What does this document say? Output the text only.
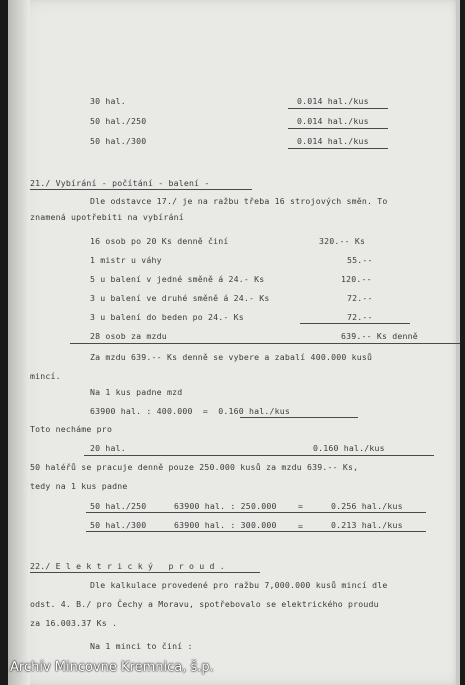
30 hal.	0.014 hal./kus
50 hal./250	0.014 hal./kus
50 hal./300	0.014 hal./kus
21./ Vybírání - počítání - balení -
Dle odstavce 17./ je na ražbu třeba 16 strojových směn. To
znamená upotřebiti na vybírání
16 osob po 20 Ks denně činí	320.-- Ks
1 mistr u váhy	55.--
5 u balení v jedné směně á 24.- Ks	120.--
3 u balení ve druhé směně á 24.- Ks	72.--
3 u balení do beden po 24.- Ks	72.--
28 osob za mzdu	639.-- Ks denně
Za mzdu 639.-- Ks denně se vybere a zabalí 400.000 kusů
mincí.
Na 1 kus padne mzd
63900 hal. : 400.000  =  0.160 hal./kus
Toto necháme pro
20 hal.	0.160 hal./kus
50 haléřů se pracuje denně pouze 250.000 kusů za mzdu 639.-- Ks,
tedy na 1 kus padne
50 hal./250	63900 hal. : 250.000	=	0.256 hal./kus
50 hal./300	63900 hal. : 300.000	=	0.213 hal./kus
22./ E l e k t r i c k ý   p r o u d .
Dle kalkulace provedené pro ražbu 7,000.000 kusů mincí dle
odst. 4. B./ pro Čechy a Moravu, spotřebovalo se elektrického proudu
za 16.003.37 Ks .
Na 1 minci to činí :
Archív Mincovne Kremnica, š.p.
